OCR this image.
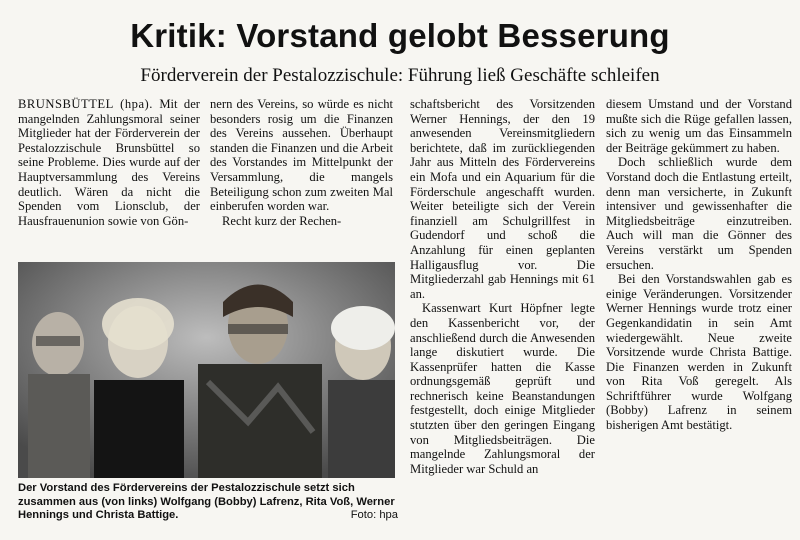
Kritik: Vorstand gelobt Besserung
Förderverein der Pestalozzischule: Führung ließ Geschäfte schleifen

BRUNSBÜTTEL (hpa). Mit der mangelnden Zahlungsmoral seiner Mitglieder hat der Förderverein der Pestalozzischule Brunsbüttel so seine Probleme. Dies wurde auf der Hauptversammlung des Vereins deutlich. Wären da nicht die Spenden vom Lionsclub, der Hausfrauenunion sowie von Gön-

nern des Vereins, so würde es nicht besonders rosig um die Finanzen des Vereins aussehen. Überhaupt standen die Finanzen und die Arbeit des Vorstandes im Mittelpunkt der Versammlung, die mangels Beteiligung schon zum zweiten Mal einberufen worden war.

Recht kurz der Rechen-

schaftsbericht des Vorsitzenden Werner Hennings, der den 19 anwesenden Vereinsmitgliedern berichtete, daß im zurückliegenden Jahr aus Mitteln des Fördervereins ein Mofa und ein Aquarium für die Förderschule angeschafft wurden. Weiter beteiligte sich der Verein finanziell am Schulgrillfest in Gudendorf und schoß die Anzahlung für einen geplanten Halligausflug vor. Die Mitgliederzahl gab Hennings mit 61 an.

Kassenwart Kurt Höpfner legte den Kassenbericht vor, der anschließend durch die Anwesenden lange diskutiert wurde. Die Kassenprüfer hatten die Kasse ordnungsgemäß geprüft und rechnerisch keine Beanstandungen festgestellt, doch einige Mitglieder stutzten über den geringen Eingang von Mitgliedsbeiträgen. Die mangelnde Zahlungsmoral der Mitglieder war Schuld an

diesem Umstand und der Vorstand mußte sich die Rüge gefallen lassen, sich zu wenig um das Einsammeln der Beiträge gekümmert zu haben.

Doch schließlich wurde dem Vorstand doch die Entlastung erteilt, denn man versicherte, in Zukunft intensiver und gewissenhafter die Mitgliedsbeiträge einzutreiben. Auch will man die Gönner des Vereins verstärkt um Spenden ersuchen.

Bei den Vorstandswahlen gab es einige Veränderungen. Vorsitzender Werner Hennings wurde trotz einer Gegenkandidatin in sein Amt wiedergewählt. Neue zweite Vorsitzende wurde Christa Battige. Die Finanzen werden in Zukunft von Rita Voß geregelt. Als Schriftführer wurde Wolfgang (Bobby) Lafrenz in seinem bisherigen Amt bestätigt.

Der Vorstand des Fördervereins der Pestalozzischule setzt sich zusammen aus (von links) Wolfgang (Bobby) Lafrenz, Rita Voß, Werner Hennings und Christa Battige.	Foto: hpa
